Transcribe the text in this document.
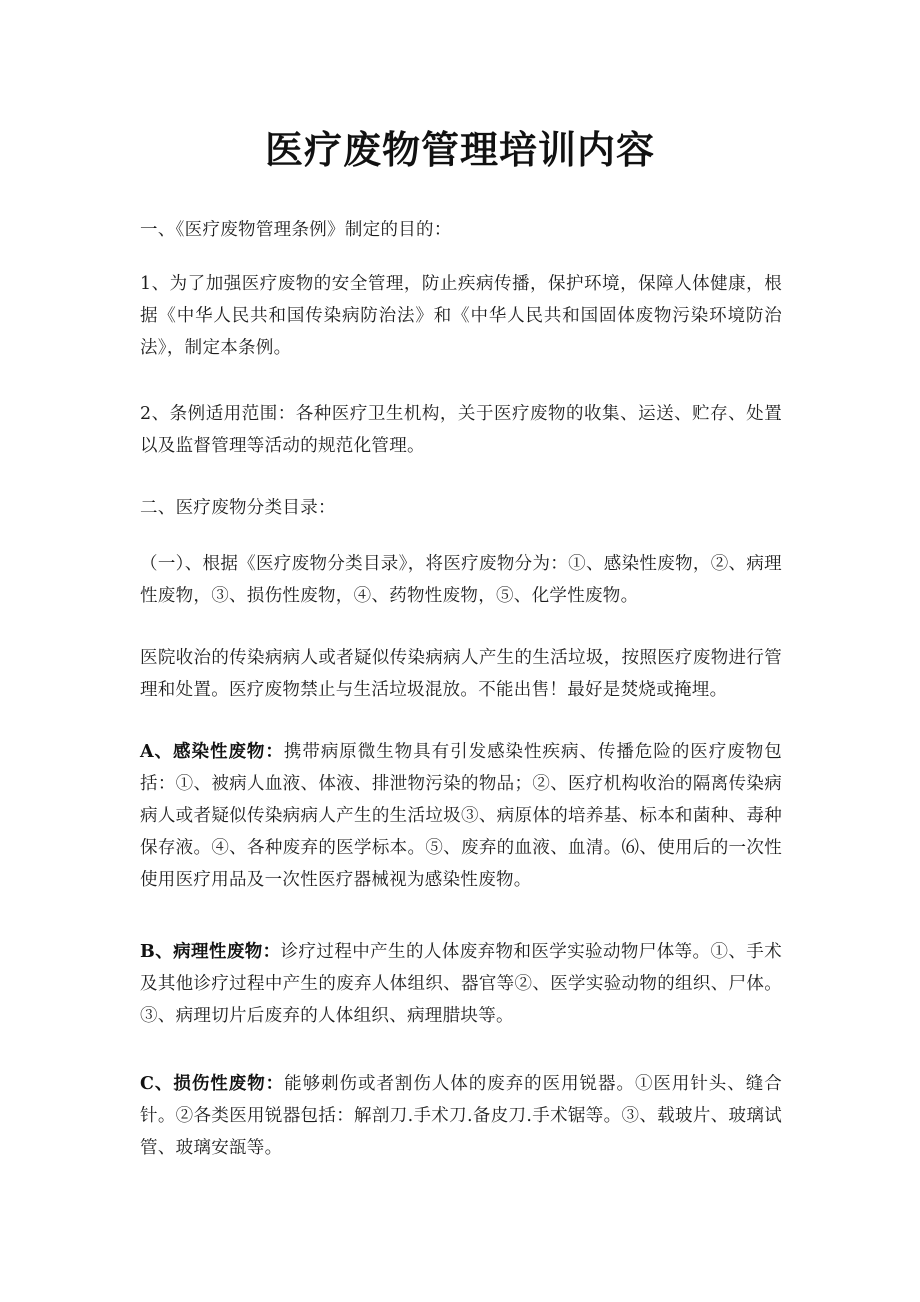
医疗废物管理培训内容

一、《医疗废物管理条例》制定的目的：

1、为了加强医疗废物的安全管理，防止疾病传播，保护环境，保障人体健康，根据《中华人民共和国传染病防治法》和《中华人民共和国固体废物污染环境防治法》，制定本条例。

2、条例适用范围：各种医疗卫生机构，关于医疗废物的收集、运送、贮存、处置以及监督管理等活动的规范化管理。

二、医疗废物分类目录：

（一）、根据《医疗废物分类目录》，将医疗废物分为：①、感染性废物，②、病理性废物，③、损伤性废物，④、药物性废物，⑤、化学性废物。

医院收治的传染病病人或者疑似传染病病人产生的生活垃圾，按照医疗废物进行管理和处置。医疗废物禁止与生活垃圾混放。不能出售！最好是焚烧或掩埋。

A、感染性废物：携带病原微生物具有引发感染性疾病、传播危险的医疗废物包括：①、被病人血液、体液、排泄物污染的物品；②、医疗机构收治的隔离传染病病人或者疑似传染病病人产生的生活垃圾③、病原体的培养基、标本和菌种、毒种保存液。④、各种废弃的医学标本。⑤、废弃的血液、血清。⑹、使用后的一次性使用医疗用品及一次性医疗器械视为感染性废物。

B、病理性废物：诊疗过程中产生的人体废弃物和医学实验动物尸体等。①、手术及其他诊疗过程中产生的废弃人体组织、器官等②、医学实验动物的组织、尸体。③、病理切片后废弃的人体组织、病理腊块等。

C、损伤性废物：能够刺伤或者割伤人体的废弃的医用锐器。①医用针头、缝合针。②各类医用锐器包括：解剖刀.手术刀.备皮刀.手术锯等。③、载玻片、玻璃试管、玻璃安瓿等。
